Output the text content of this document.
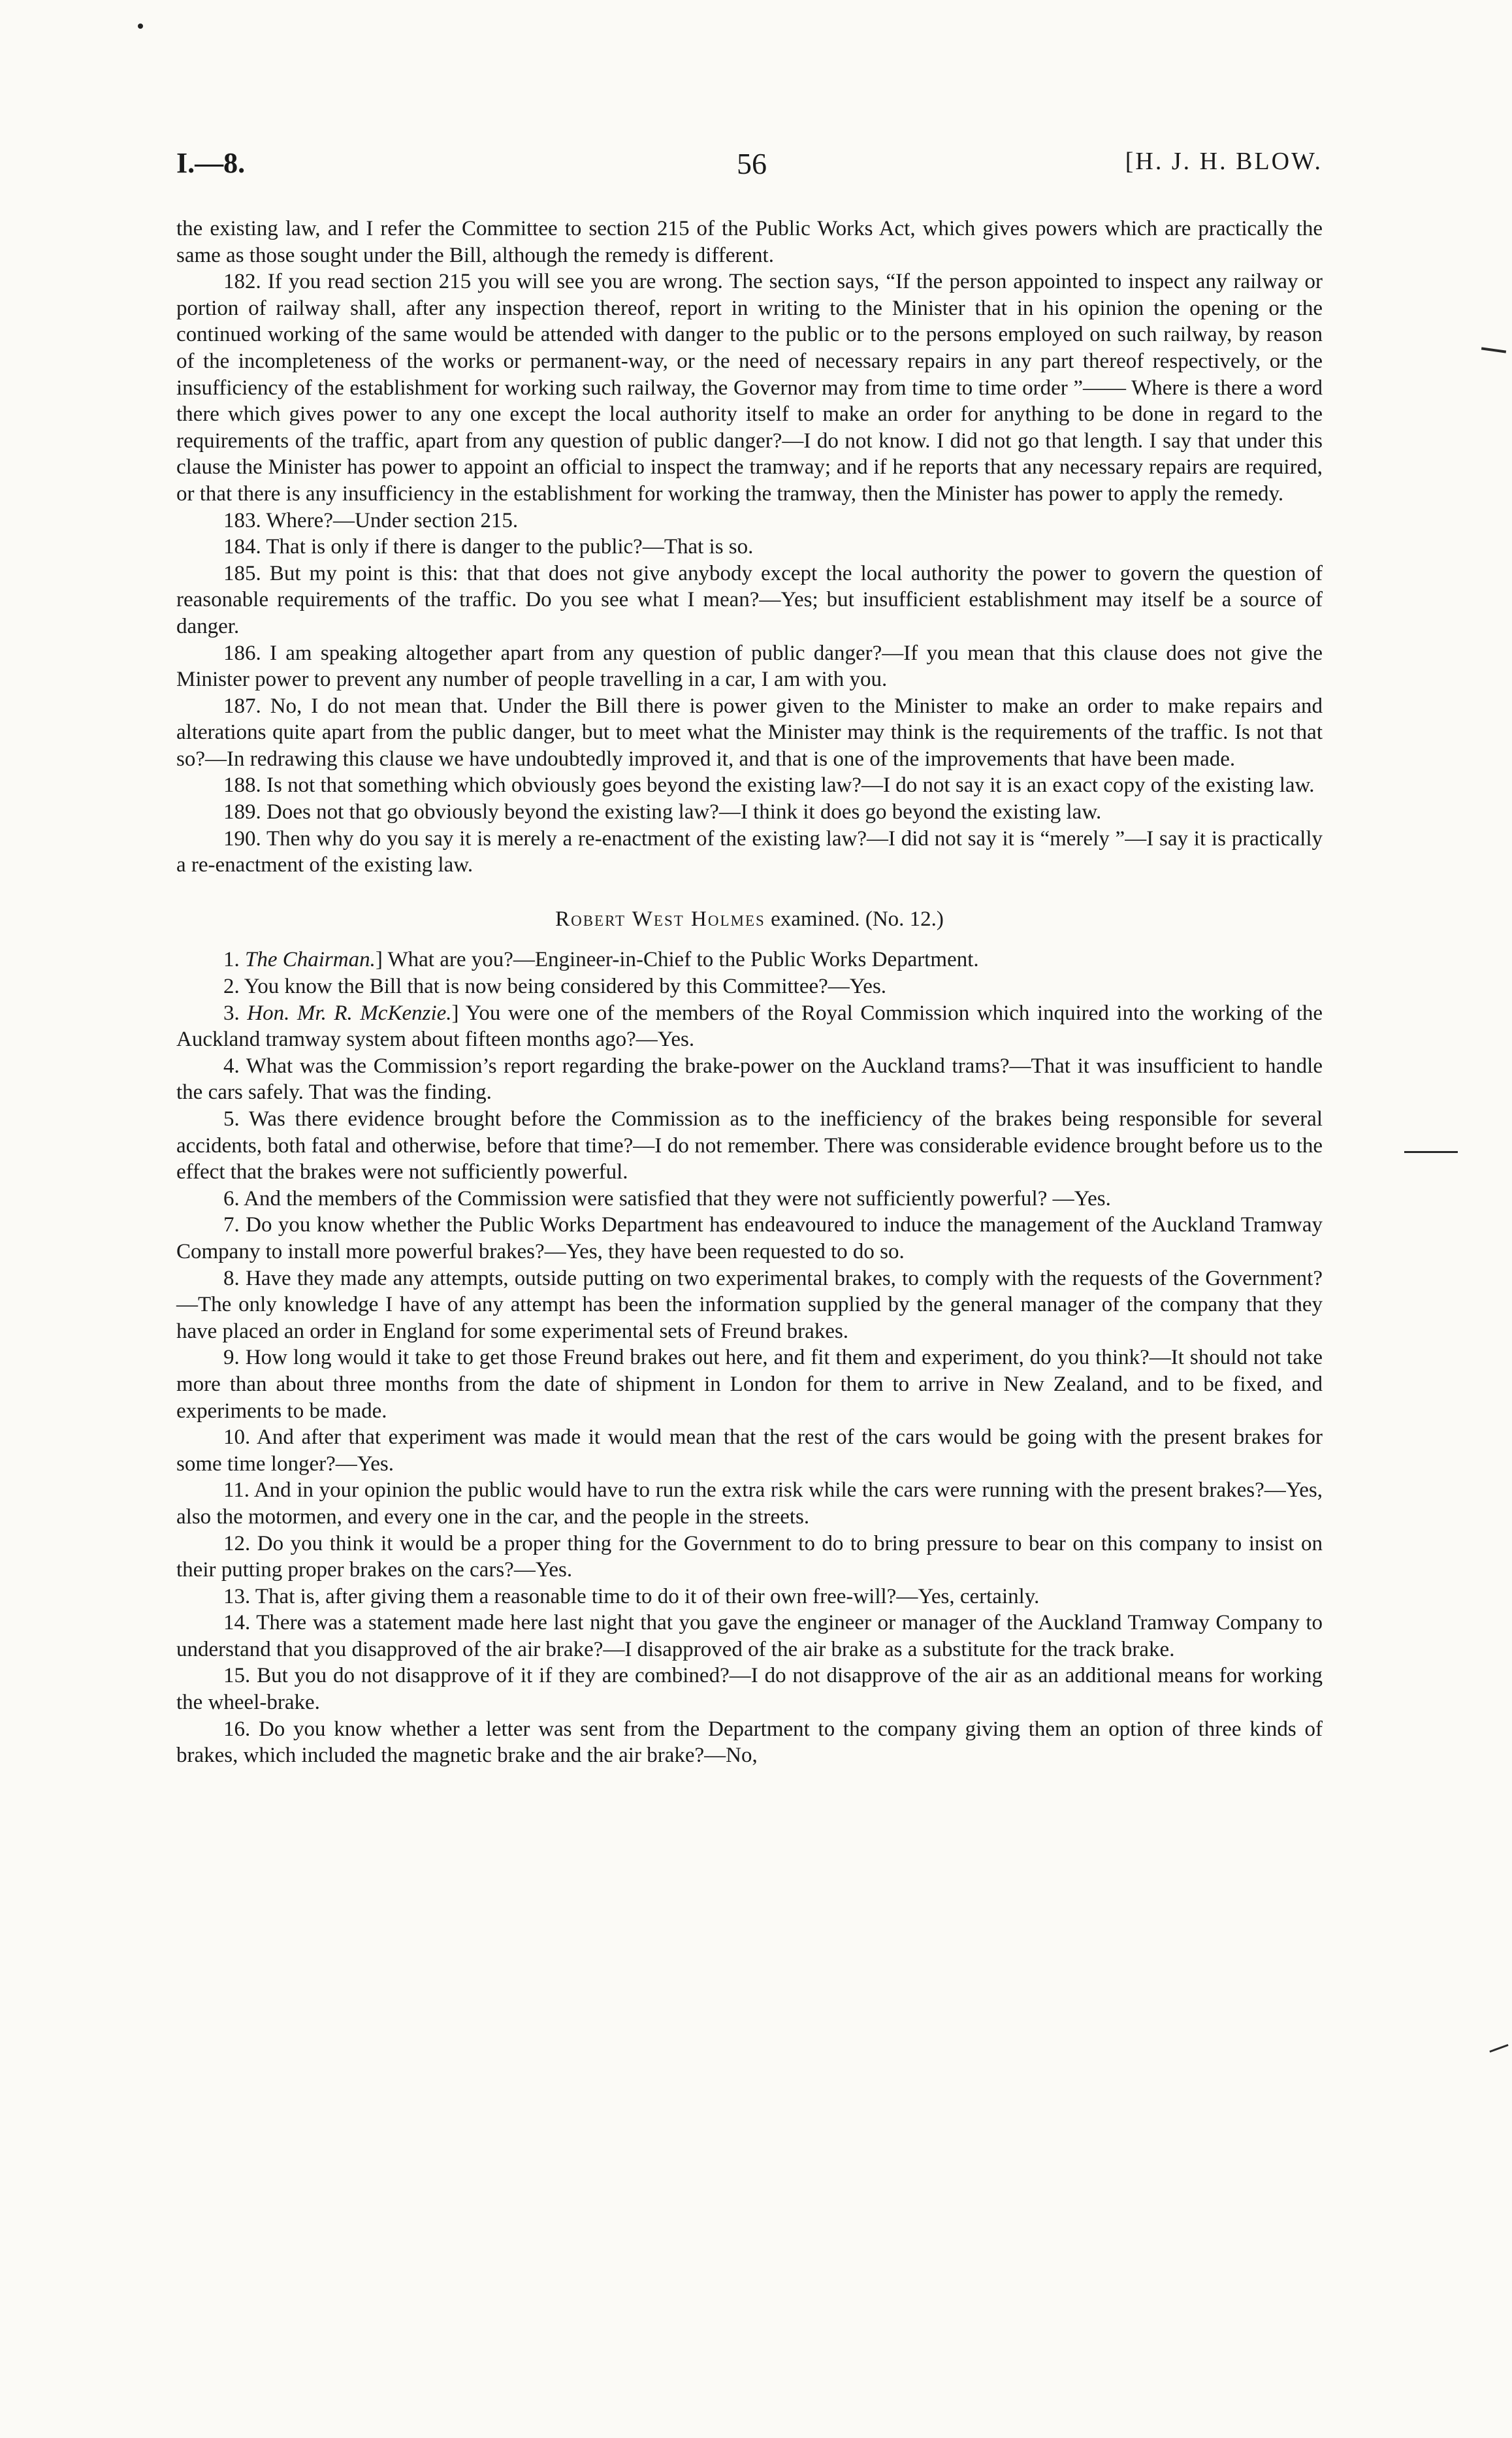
I.—8.	56	[H. J. H. BLOW.

the existing law, and I refer the Committee to section 215 of the Public Works Act, which gives powers which are practically the same as those sought under the Bill, although the remedy is different.

182. If you read section 215 you will see you are wrong. The section says, “If the person appointed to inspect any railway or portion of railway shall, after any inspection thereof, report in writing to the Minister that in his opinion the opening or the continued working of the same would be attended with danger to the public or to the persons employed on such railway, by reason of the incompleteness of the works or permanent-way, or the need of necessary repairs in any part thereof respectively, or the insufficiency of the establishment for working such railway, the Governor may from time to time order ”—— Where is there a word there which gives power to any one except the local authority itself to make an order for anything to be done in regard to the requirements of the traffic, apart from any question of public danger?—I do not know. I did not go that length. I say that under this clause the Minister has power to appoint an official to inspect the tramway; and if he reports that any necessary repairs are required, or that there is any insufficiency in the establishment for working the tramway, then the Minister has power to apply the remedy.

183. Where?—Under section 215.

184. That is only if there is danger to the public?—That is so.

185. But my point is this: that that does not give anybody except the local authority the power to govern the question of reasonable requirements of the traffic. Do you see what I mean?—Yes; but insufficient establishment may itself be a source of danger.

186. I am speaking altogether apart from any question of public danger?—If you mean that this clause does not give the Minister power to prevent any number of people travelling in a car, I am with you.

187. No, I do not mean that. Under the Bill there is power given to the Minister to make an order to make repairs and alterations quite apart from the public danger, but to meet what the Minister may think is the requirements of the traffic. Is not that so?—In redrawing this clause we have undoubtedly improved it, and that is one of the improvements that have been made.

188. Is not that something which obviously goes beyond the existing law?—I do not say it is an exact copy of the existing law.

189. Does not that go obviously beyond the existing law?—I think it does go beyond the existing law.

190. Then why do you say it is merely a re-enactment of the existing law?—I did not say it is “merely ”—I say it is practically a re-enactment of the existing law.

Robert West Holmes examined. (No. 12.)

1. The Chairman.] What are you?—Engineer-in-Chief to the Public Works Department.

2. You know the Bill that is now being considered by this Committee?—Yes.

3. Hon. Mr. R. McKenzie.] You were one of the members of the Royal Commission which inquired into the working of the Auckland tramway system about fifteen months ago?—Yes.

4. What was the Commission’s report regarding the brake-power on the Auckland trams?—That it was insufficient to handle the cars safely. That was the finding.

5. Was there evidence brought before the Commission as to the inefficiency of the brakes being responsible for several accidents, both fatal and otherwise, before that time?—I do not remember. There was considerable evidence brought before us to the effect that the brakes were not sufficiently powerful.

6. And the members of the Commission were satisfied that they were not sufficiently powerful? —Yes.

7. Do you know whether the Public Works Department has endeavoured to induce the management of the Auckland Tramway Company to install more powerful brakes?—Yes, they have been requested to do so.

8. Have they made any attempts, outside putting on two experimental brakes, to comply with the requests of the Government?—The only knowledge I have of any attempt has been the information supplied by the general manager of the company that they have placed an order in England for some experimental sets of Freund brakes.

9. How long would it take to get those Freund brakes out here, and fit them and experiment, do you think?—It should not take more than about three months from the date of shipment in London for them to arrive in New Zealand, and to be fixed, and experiments to be made.

10. And after that experiment was made it would mean that the rest of the cars would be going with the present brakes for some time longer?—Yes.

11. And in your opinion the public would have to run the extra risk while the cars were running with the present brakes?—Yes, also the motormen, and every one in the car, and the people in the streets.

12. Do you think it would be a proper thing for the Government to do to bring pressure to bear on this company to insist on their putting proper brakes on the cars?—Yes.

13. That is, after giving them a reasonable time to do it of their own free-will?—Yes, certainly.

14. There was a statement made here last night that you gave the engineer or manager of the Auckland Tramway Company to understand that you disapproved of the air brake?—I disapproved of the air brake as a substitute for the track brake.

15. But you do not disapprove of it if they are combined?—I do not disapprove of the air as an additional means for working the wheel-brake.

16. Do you know whether a letter was sent from the Department to the company giving them an option of three kinds of brakes, which included the magnetic brake and the air brake?—No,
